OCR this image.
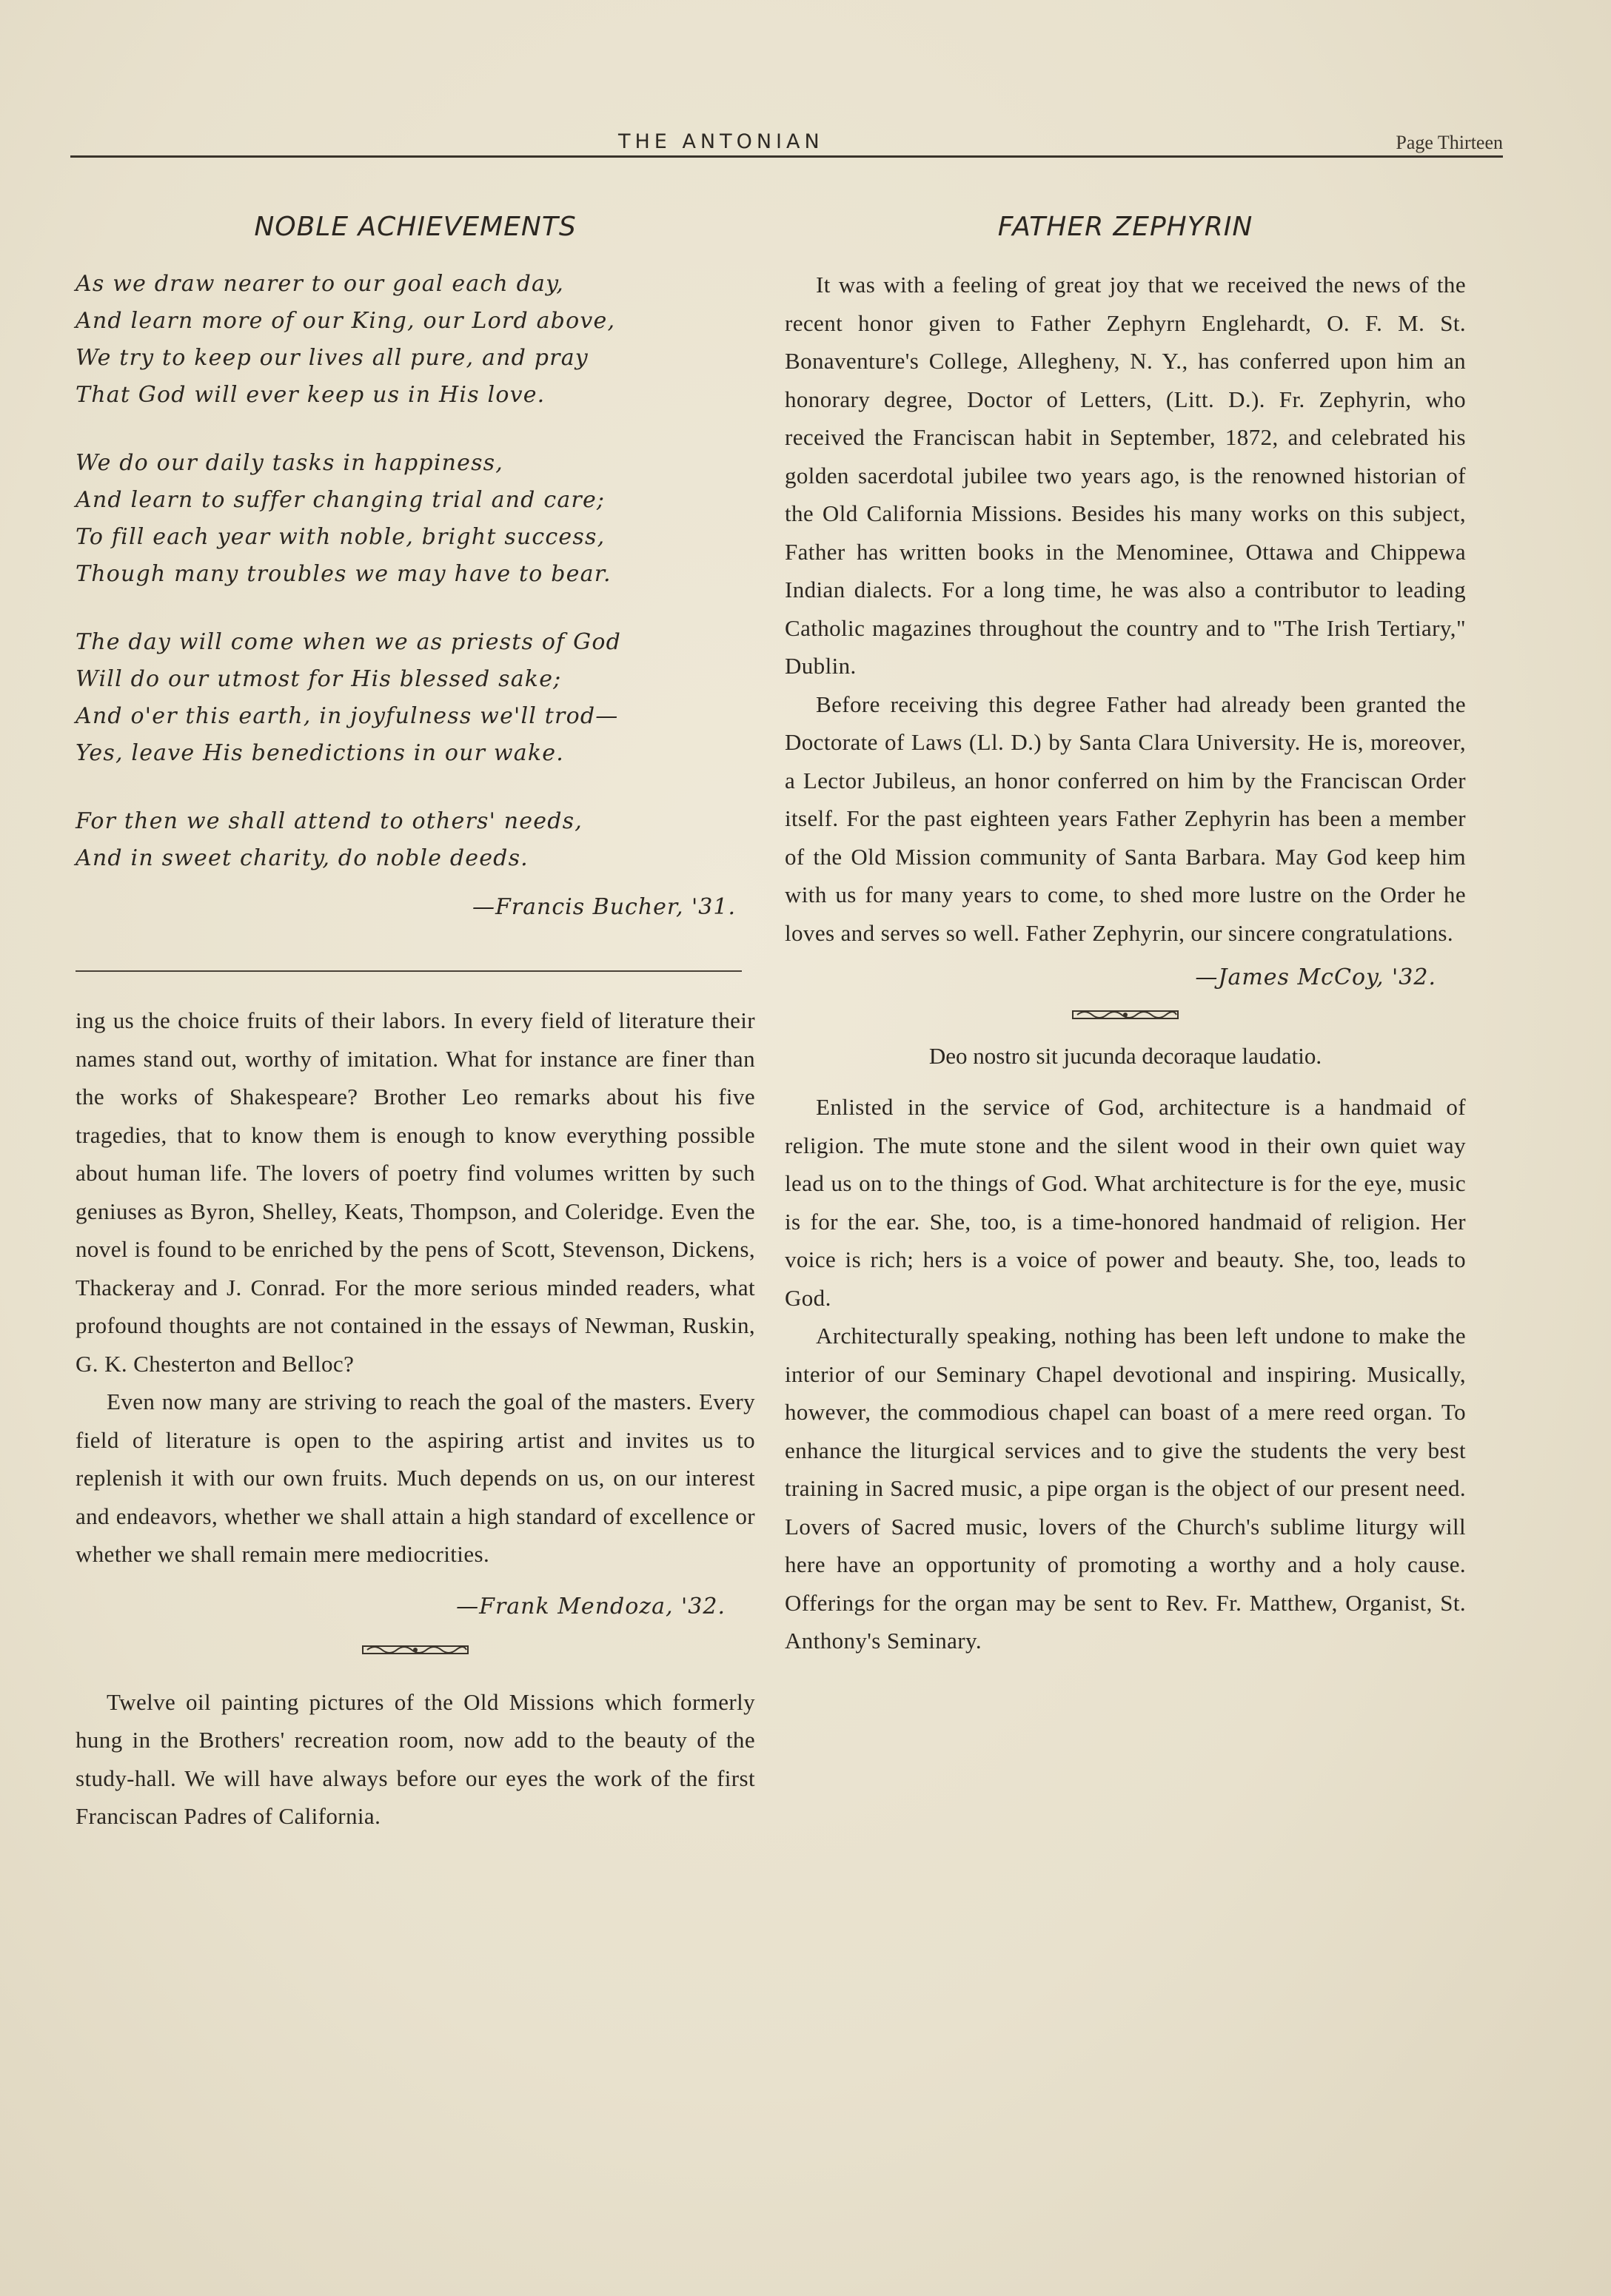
THE ANTONIAN	Page Thirteen
NOBLE ACHIEVEMENTS
As we draw nearer to our goal each day,
And learn more of our King, our Lord above,
We try to keep our lives all pure, and pray
That God will ever keep us in His love.
We do our daily tasks in happiness,
And learn to suffer changing trial and care;
To fill each year with noble, bright success,
Though many troubles we may have to bear.
The day will come when we as priests of God
Will do our utmost for His blessed sake;
And o'er this earth, in joyfulness we'll trod—
Yes, leave His benedictions in our wake.
For then we shall attend to others' needs,
And in sweet charity, do noble deeds.
—Francis Bucher, '31.

ing us the choice fruits of their labors. In every field of literature their names stand out, worthy of imitation. What for instance are finer than the works of Shakespeare? Brother Leo remarks about his five tragedies, that to know them is enough to know everything possible about human life. The lovers of poetry find volumes written by such geniuses as Byron, Shelley, Keats, Thompson, and Coleridge. Even the novel is found to be enriched by the pens of Scott, Stevenson, Dickens, Thackeray and J. Conrad. For the more serious minded readers, what profound thoughts are not contained in the essays of Newman, Ruskin, G. K. Chesterton and Belloc?

Even now many are striving to reach the goal of the masters. Every field of literature is open to the aspiring artist and invites us to replenish it with our own fruits. Much depends on us, on our interest and endeavors, whether we shall attain a high standard of excellence or whether we shall remain mere mediocrities.

—Frank Mendoza, '32.

Twelve oil painting pictures of the Old Missions which formerly hung in the Brothers' recreation room, now add to the beauty of the study-hall. We will have always before our eyes the work of the first Franciscan Padres of California.

FATHER ZEPHYRIN

It was with a feeling of great joy that we received the news of the recent honor given to Father Zephyrn Englehardt, O. F. M. St. Bonaventure's College, Allegheny, N. Y., has conferred upon him an honorary degree, Doctor of Letters, (Litt. D.). Fr. Zephyrin, who received the Franciscan habit in September, 1872, and celebrated his golden sacerdotal jubilee two years ago, is the renowned historian of the Old California Missions. Besides his many works on this subject, Father has written books in the Menominee, Ottawa and Chippewa Indian dialects. For a long time, he was also a contributor to leading Catholic magazines throughout the country and to "The Irish Tertiary," Dublin.

Before receiving this degree Father had already been granted the Doctorate of Laws (Ll. D.) by Santa Clara University. He is, moreover, a Lector Jubileus, an honor conferred on him by the Franciscan Order itself. For the past eighteen years Father Zephyrin has been a member of the Old Mission community of Santa Barbara. May God keep him with us for many years to come, to shed more lustre on the Order he loves and serves so well. Father Zephyrin, our sincere congratulations.

—James McCoy, '32.
Deo nostro sit jucunda decoraque laudatio.

Enlisted in the service of God, architecture is a handmaid of religion. The mute stone and the silent wood in their own quiet way lead us on to the things of God. What architecture is for the eye, music is for the ear. She, too, is a time-honored handmaid of religion. Her voice is rich; hers is a voice of power and beauty. She, too, leads to God.

Architecturally speaking, nothing has been left undone to make the interior of our Seminary Chapel devotional and inspiring. Musically, however, the commodious chapel can boast of a mere reed organ. To enhance the liturgical services and to give the students the very best training in Sacred music, a pipe organ is the object of our present need. Lovers of Sacred music, lovers of the Church's sublime liturgy will here have an opportunity of promoting a worthy and a holy cause. Offerings for the organ may be sent to Rev. Fr. Matthew, Organist, St. Anthony's Seminary.
